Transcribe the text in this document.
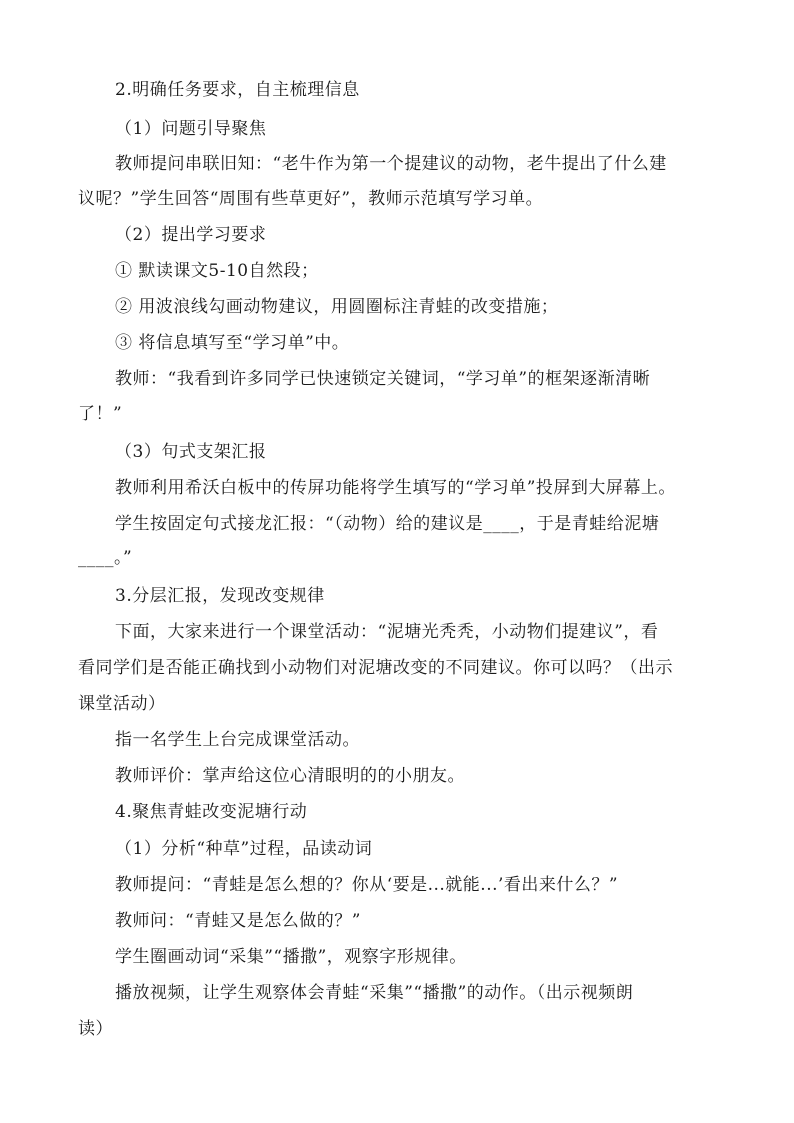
2.明确任务要求，自主梳理信息
（1）问题引导聚焦
教师提问串联旧知：“老牛作为第一个提建议的动物，老牛提出了什么建
议呢？”学生回答“周围有些草更好”，教师示范填写学习单。
（2）提出学习要求
① 默读课文5-10自然段；
② 用波浪线勾画动物建议，用圆圈标注青蛙的改变措施；
③ 将信息填写至“学习单”中。
教师：“我看到许多同学已快速锁定关键词，“学习单”的框架逐渐清晰
了！”
（3）句式支架汇报
教师利用希沃白板中的传屏功能将学生填写的“学习单”投屏到大屏幕上。
学生按固定句式接龙汇报：“（动物）给的建议是____，于是青蛙给泥塘
____。”
3.分层汇报，发现改变规律
下面，大家来进行一个课堂活动：“泥塘光秃秃，小动物们提建议”，看
看同学们是否能正确找到小动物们对泥塘改变的不同建议。你可以吗？（出示
课堂活动）
指一名学生上台完成课堂活动。
教师评价：掌声给这位心清眼明的的小朋友。
4.聚焦青蛙改变泥塘行动
（1）分析“种草”过程，品读动词
教师提问：“青蛙是怎么想的？你从‘要是...就能...’看出来什么？”
教师问：“青蛙又是怎么做的？”
学生圈画动词“采集”“播撒”，观察字形规律。
播放视频，让学生观察体会青蛙“采集”“播撒”的动作。（出示视频朗
读）
